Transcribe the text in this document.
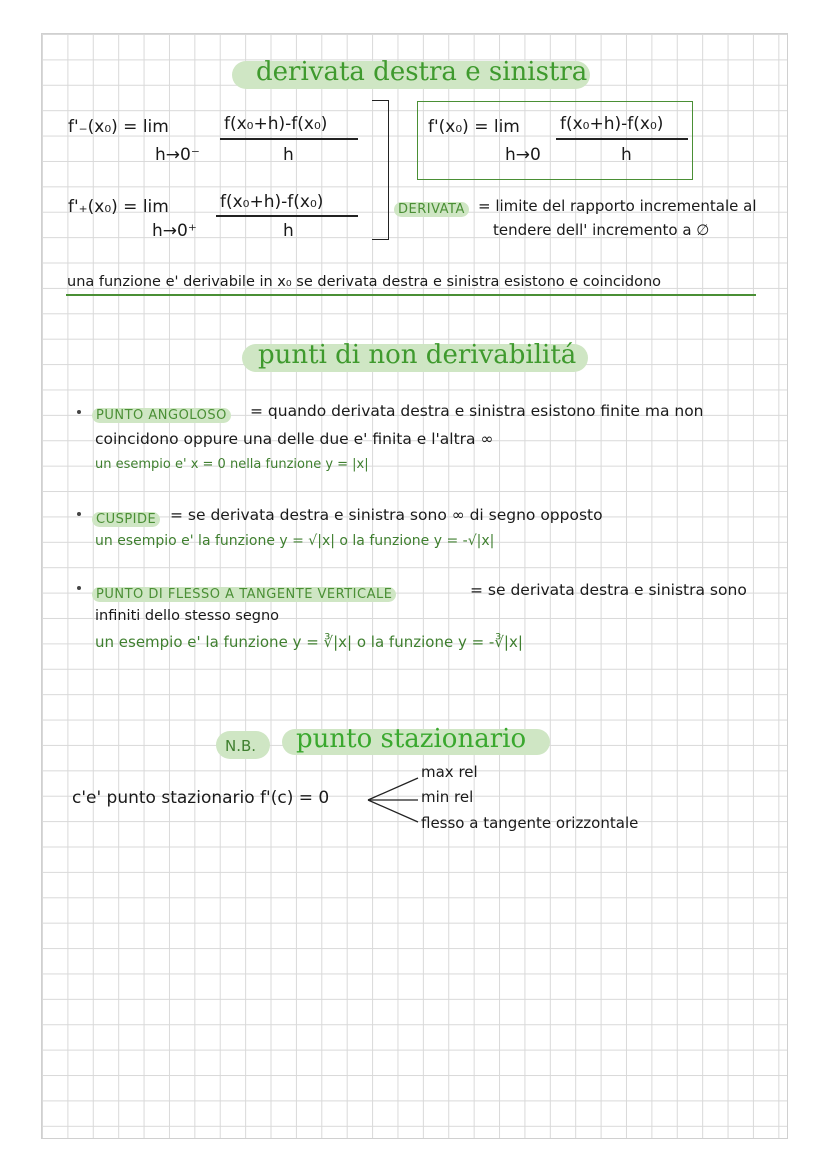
derivata destra e sinistra
f'₋(x₀) = lim
h→0⁻
f(x₀+h)-f(x₀)
h
f'₊(x₀) = lim
h→0⁺
f(x₀+h)-f(x₀)
h
f'(x₀) = lim
h→0
f(x₀+h)-f(x₀)
h
DERIVATA = limite del rapporto incrementale al
tendere dell' incremento a ∅
una funzione e' derivabile in x₀ se derivata destra e sinistra esistono e coincidono
punti di non derivabilitá
PUNTO ANGOLOSO = quando derivata destra e sinistra esistono finite ma non
coincidono oppure una delle due e' finita e l'altra ∞
un esempio e' x = 0 nella funzione y = |x|
CUSPIDE = se derivata destra e sinistra sono ∞ di segno opposto
un esempio e' la funzione y = √|x| o la funzione y = -√|x|
PUNTO DI FLESSO A TANGENTE VERTICALE	= se derivata destra e sinistra sono
infiniti dello stesso segno
un esempio e' la funzione y = ∛|x| o la funzione y = -∛|x|
N.B. punto stazionario
c'e' punto stazionario f'(c) = 0
max rel
min rel
flesso a tangente orizzontale
